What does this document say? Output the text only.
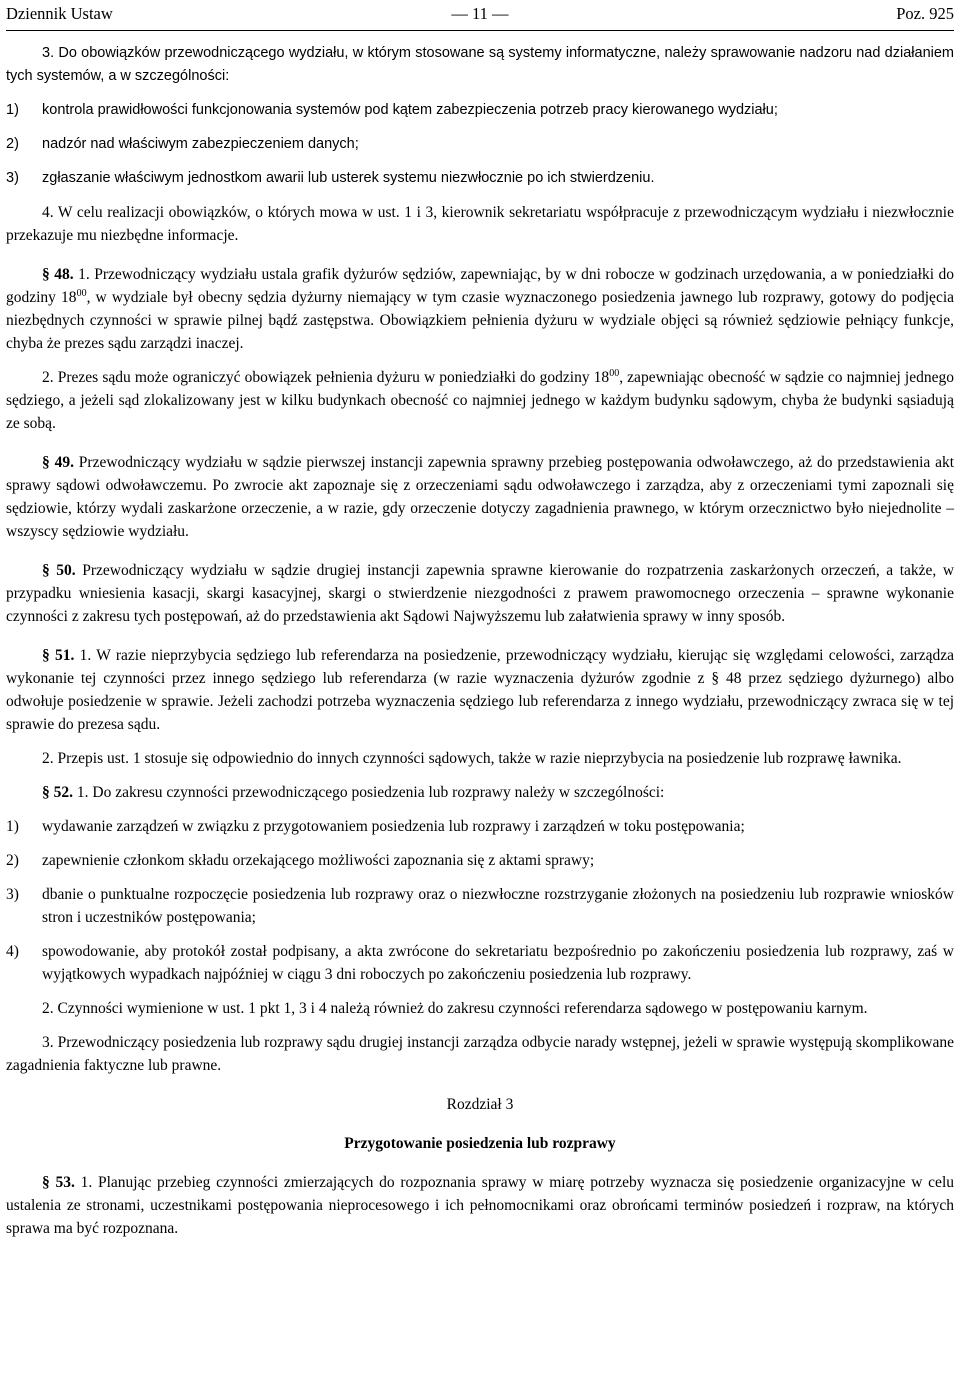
Dziennik Ustaw	— 11 —	Poz. 925

3. Do obowiązków przewodniczącego wydziału, w którym stosowane są systemy informatyczne, należy sprawowanie nadzoru nad działaniem tych systemów, a w szczególności:

1) kontrola prawidłowości funkcjonowania systemów pod kątem zabezpieczenia potrzeb pracy kierowanego wydziału;
2) nadzór nad właściwym zabezpieczeniem danych;
3) zgłaszanie właściwym jednostkom awarii lub usterek systemu niezwłocznie po ich stwierdzeniu.

4. W celu realizacji obowiązków, o których mowa w ust. 1 i 3, kierownik sekretariatu współpracuje z przewodniczącym wydziału i niezwłocznie przekazuje mu niezbędne informacje.

§ 48. 1. Przewodniczący wydziału ustala grafik dyżurów sędziów, zapewniając, by w dni robocze w godzinach urzędowania, a w poniedziałki do godziny $18^{00}$, w wydziale był obecny sędzia dyżurny niemający w tym czasie wyznaczonego posiedzenia jawnego lub rozprawy, gotowy do podjęcia niezbędnych czynności w sprawie pilnej bądź zastępstwa. Obowiązkiem pełnienia dyżuru w wydziale objęci są również sędziowie pełniący funkcje, chyba że prezes sądu zarządzi inaczej.

2. Prezes sądu może ograniczyć obowiązek pełnienia dyżuru w poniedziałki do godziny $18^{00}$, zapewniając obecność w sądzie co najmniej jednego sędziego, a jeżeli sąd zlokalizowany jest w kilku budynkach obecność co najmniej jednego w każdym budynku sądowym, chyba że budynki sąsiadują ze sobą.

§ 49. Przewodniczący wydziału w sądzie pierwszej instancji zapewnia sprawny przebieg postępowania odwoławczego, aż do przedstawienia akt sprawy sądowi odwoławczemu. Po zwrocie akt zapoznaje się z orzeczeniami sądu odwoławczego i zarządza, aby z orzeczeniami tymi zapoznali się sędziowie, którzy wydali zaskarżone orzeczenie, a w razie, gdy orzeczenie dotyczy zagadnienia prawnego, w którym orzecznictwo było niejednolite – wszyscy sędziowie wydziału.

§ 50. Przewodniczący wydziału w sądzie drugiej instancji zapewnia sprawne kierowanie do rozpatrzenia zaskarżonych orzeczeń, a także, w przypadku wniesienia kasacji, skargi kasacyjnej, skargi o stwierdzenie niezgodności z prawem prawomocnego orzeczenia – sprawne wykonanie czynności z zakresu tych postępowań, aż do przedstawienia akt Sądowi Najwyższemu lub załatwienia sprawy w inny sposób.

§ 51. 1. W razie nieprzybycia sędziego lub referendarza na posiedzenie, przewodniczący wydziału, kierując się względami celowości, zarządza wykonanie tej czynności przez innego sędziego lub referendarza (w razie wyznaczenia dyżurów zgodnie z § 48 przez sędziego dyżurnego) albo odwołuje posiedzenie w sprawie. Jeżeli zachodzi potrzeba wyznaczenia sędziego lub referendarza z innego wydziału, przewodniczący zwraca się w tej sprawie do prezesa sądu.

2. Przepis ust. 1 stosuje się odpowiednio do innych czynności sądowych, także w razie nieprzybycia na posiedzenie lub rozprawę ławnika.

§ 52. 1. Do zakresu czynności przewodniczącego posiedzenia lub rozprawy należy w szczególności:

1) wydawanie zarządzeń w związku z przygotowaniem posiedzenia lub rozprawy i zarządzeń w toku postępowania;
2) zapewnienie członkom składu orzekającego możliwości zapoznania się z aktami sprawy;
3) dbanie o punktualne rozpoczęcie posiedzenia lub rozprawy oraz o niezwłoczne rozstrzyganie złożonych na posiedzeniu lub rozprawie wniosków stron i uczestników postępowania;
4) spowodowanie, aby protokół został podpisany, a akta zwrócone do sekretariatu bezpośrednio po zakończeniu posiedzenia lub rozprawy, zaś w wyjątkowych wypadkach najpóźniej w ciągu 3 dni roboczych po zakończeniu posiedzenia lub rozprawy.

2. Czynności wymienione w ust. 1 pkt 1, 3 i 4 należą również do zakresu czynności referendarza sądowego w postępowaniu karnym.

3. Przewodniczący posiedzenia lub rozprawy sądu drugiej instancji zarządza odbycie narady wstępnej, jeżeli w sprawie występują skomplikowane zagadnienia faktyczne lub prawne.

Rozdział 3
Przygotowanie posiedzenia lub rozprawy

§ 53. 1. Planując przebieg czynności zmierzających do rozpoznania sprawy w miarę potrzeby wyznacza się posiedzenie organizacyjne w celu ustalenia ze stronami, uczestnikami postępowania nieprocesowego i ich pełnomocnikami oraz obrońcami terminów posiedzeń i rozpraw, na których sprawa ma być rozpoznana.
